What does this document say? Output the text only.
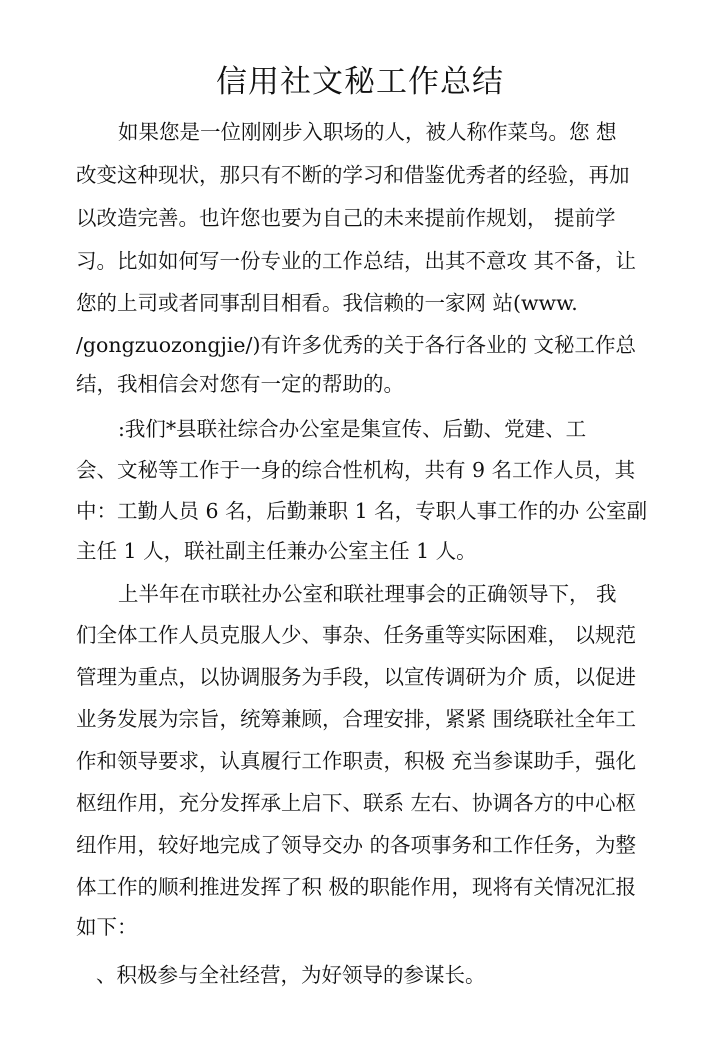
信用社文秘工作总结
如果您是一位刚刚步入职场的人，被人称作菜鸟。您 想
改变这种现状，那只有不断的学习和借鉴优秀者的经验，再加
以改造完善。也许您也要为自己的未来提前作规划， 提前学
习。比如如何写一份专业的工作总结，出其不意攻 其不备，让
您的上司或者同事刮目相看。我信赖的一家网 站(www.
/gongzuozongjie/)有许多优秀的关于各行各业的 文秘工作总
结，我相信会对您有一定的帮助的。
:我们*县联社综合办公室是集宣传、后勤、党建、工
会、文秘等工作于一身的综合性机构，共有 9 名工作人员，其
中：工勤人员 6 名，后勤兼职 1 名，专职人事工作的办 公室副
主任 1 人，联社副主任兼办公室主任 1 人。
上半年在市联社办公室和联社理事会的正确领导下， 我
们全体工作人员克服人少、事杂、任务重等实际困难， 以规范
管理为重点，以协调服务为手段，以宣传调研为介 质，以促进
业务发展为宗旨，统筹兼顾，合理安排，紧紧 围绕联社全年工
作和领导要求，认真履行工作职责，积极 充当参谋助手，强化
枢纽作用，充分发挥承上启下、联系 左右、协调各方的中心枢
纽作用，较好地完成了领导交办 的各项事务和工作任务，为整
体工作的顺利推进发挥了积 极的职能作用，现将有关情况汇报
如下：
、积极参与全社经营，为好领导的参谋长。
